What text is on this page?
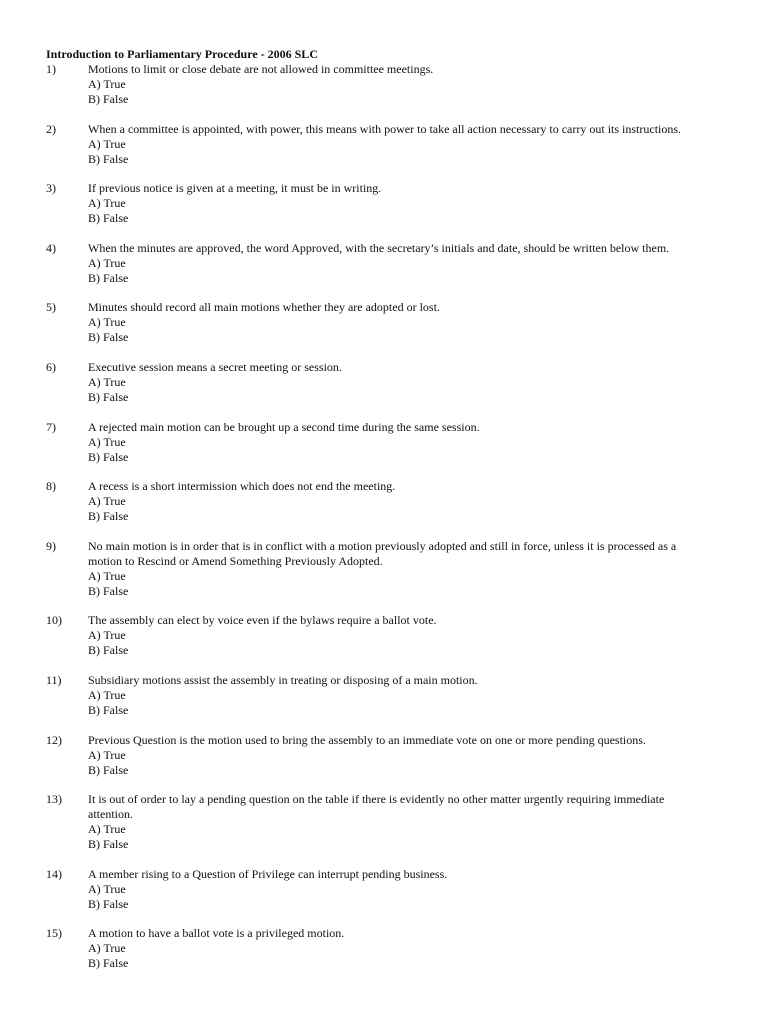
Introduction to Parliamentary Procedure - 2006 SLC
1)	Motions to limit or close debate are not allowed in committee meetings.
A) True
B) False
2)	When a committee is appointed, with power, this means with power to take all action necessary to carry out its instructions.
A) True
B) False
3)	If previous notice is given at a meeting, it must be in writing.
A) True
B) False
4)	When the minutes are approved, the word Approved, with the secretary’s initials and date, should be written below them.
A) True
B) False
5)	Minutes should record all main motions whether they are adopted or lost.
A) True
B) False
6)	Executive session means a secret meeting or session.
A) True
B) False
7)	A rejected main motion can be brought up a second time during the same session.
A) True
B) False
8)	A recess is a short intermission which does not end the meeting.
A) True
B) False
9)	No main motion is in order that is in conflict with a motion previously adopted and still in force, unless it is processed as a motion to Rescind or Amend Something Previously Adopted.
A) True
B) False
10)	The assembly can elect by voice even if the bylaws require a ballot vote.
A) True
B) False
11)	Subsidiary motions assist the assembly in treating or disposing of a main motion.
A) True
B) False
12)	Previous Question is the motion used to bring the assembly to an immediate vote on one or more pending questions.
A) True
B) False
13)	It is out of order to lay a pending question on the table if there is evidently no other matter urgently requiring immediate attention.
A) True
B) False
14)	A member rising to a Question of Privilege can interrupt pending business.
A) True
B) False
15)	A motion to have a ballot vote is a privileged motion.
A) True
B) False
